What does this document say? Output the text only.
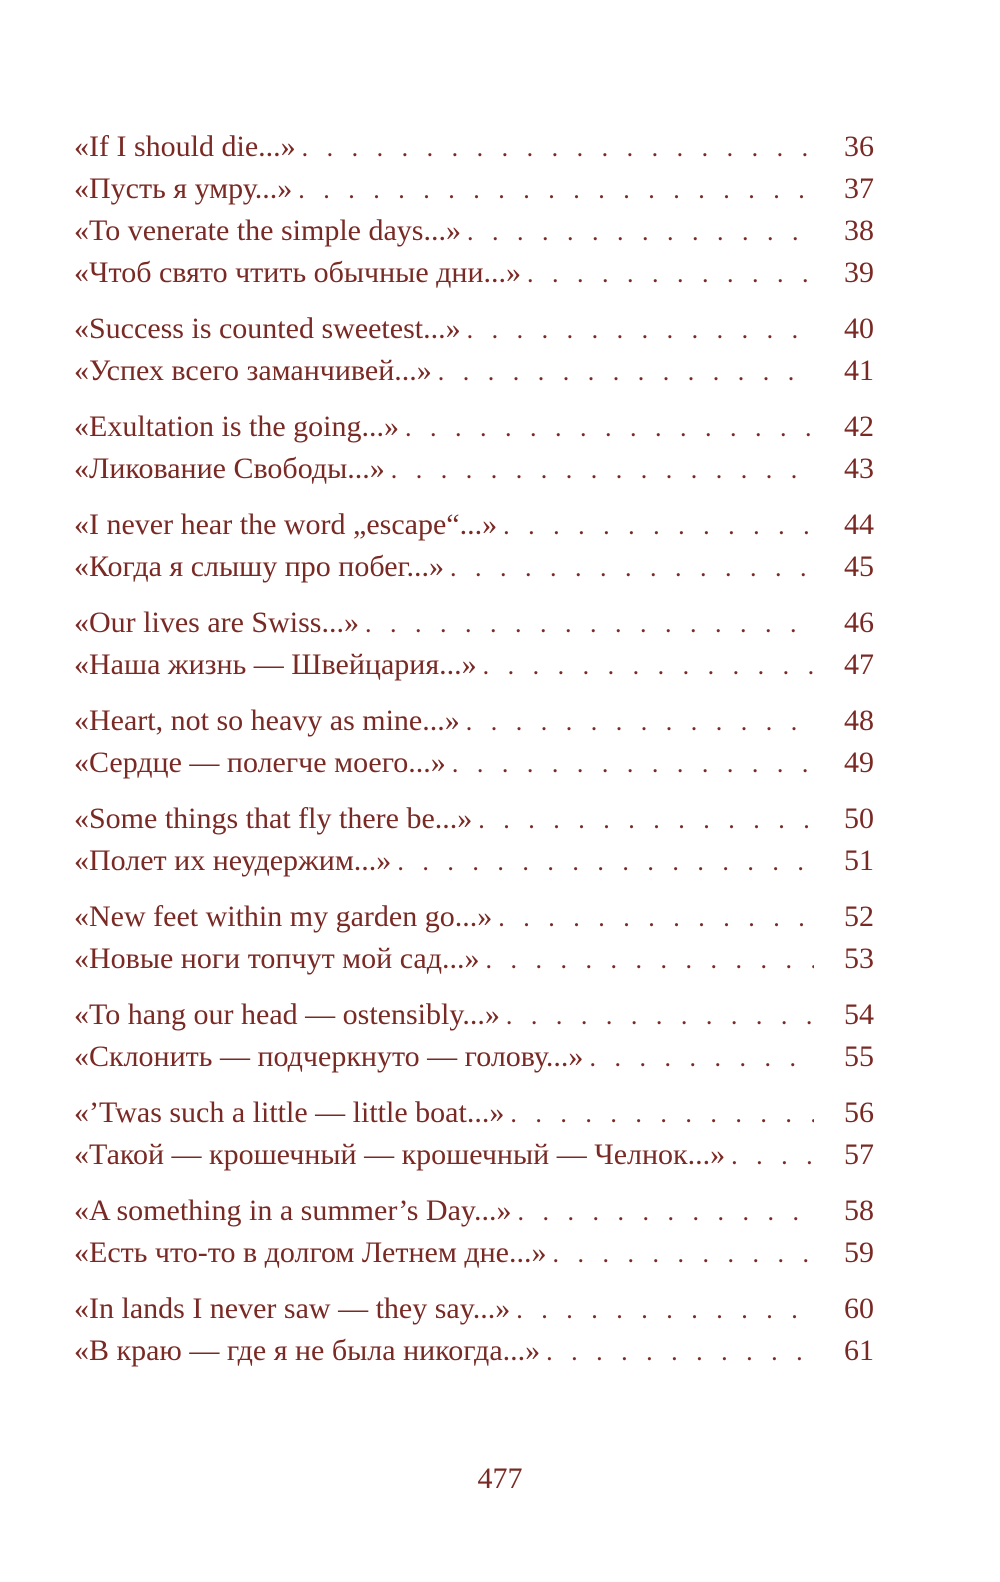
«If I should die...» . . .	36
«Пусть я умру...» . . .	37
«To venerate the simple days...» . . .	38
«Чтоб свято чтить обычные дни...» . . .	39
«Success is counted sweetest...» . . .	40
«Успех всего заманчивей...» . . .	41
«Exultation is the going...» . . .	42
«Ликование Свободы...» . . .	43
«I never hear the word „escape“...» . . .	44
«Когда я слышу про побег...» . . .	45
«Our lives are Swiss...» . . .	46
«Наша жизнь — Швейцария...» . . .	47
«Heart, not so heavy as mine...» . . .	48
«Сердце — полегче моего...» . . .	49
«Some things that fly there be...» . . .	50
«Полет их неудержим...» . . .	51
«New feet within my garden go...» . . .	52
«Новые ноги топчут мой сад...» . . .	53
«To hang our head — ostensibly...» . . .	54
«Склонить — подчеркнуто — голову...» . . .	55
«’Twas such a little — little boat...» . . .	56
«Такой — крошечный — крошечный — Челнок...» . . .	57
«A something in a summer’s Day...» . . .	58
«Есть что-то в долгом Летнем дне...» . . .	59
«In lands I never saw — they say...» . . .	60
«В краю — где я не была никогда...» . . .	61
477
